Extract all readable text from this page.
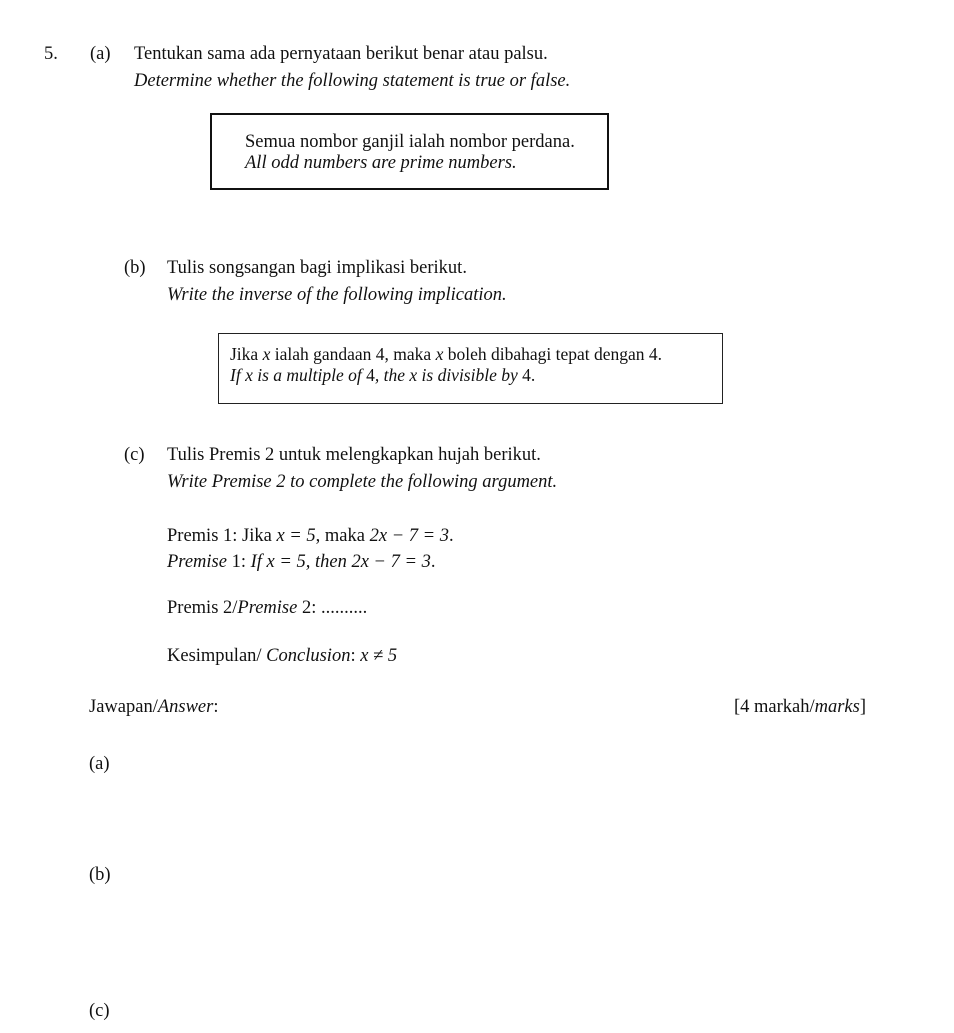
5. (a) Tentukan sama ada pernyataan berikut benar atau palsu.
Determine whether the following statement is true or false.
Semua nombor ganjil ialah nombor perdana.
All odd numbers are prime numbers.
(b) Tulis songsangan bagi implikasi berikut.
Write the inverse of the following implication.
Jika x ialah gandaan 4, maka x boleh dibahagi tepat dengan 4.
If x is a multiple of 4, the x is divisible by 4.
(c) Tulis Premis 2 untuk melengkapkan hujah berikut.
Write Premise 2 to complete the following argument.
Premis 1: Jika x = 5, maka 2x − 7 = 3.
Premise 1: If x = 5, then 2x − 7 = 3.
Premis 2/Premise 2: ..........
Kesimpulan/ Conclusion: x ≠ 5
Jawapan/Answer:	[4 markah/marks]
(a)
(b)
(c)
